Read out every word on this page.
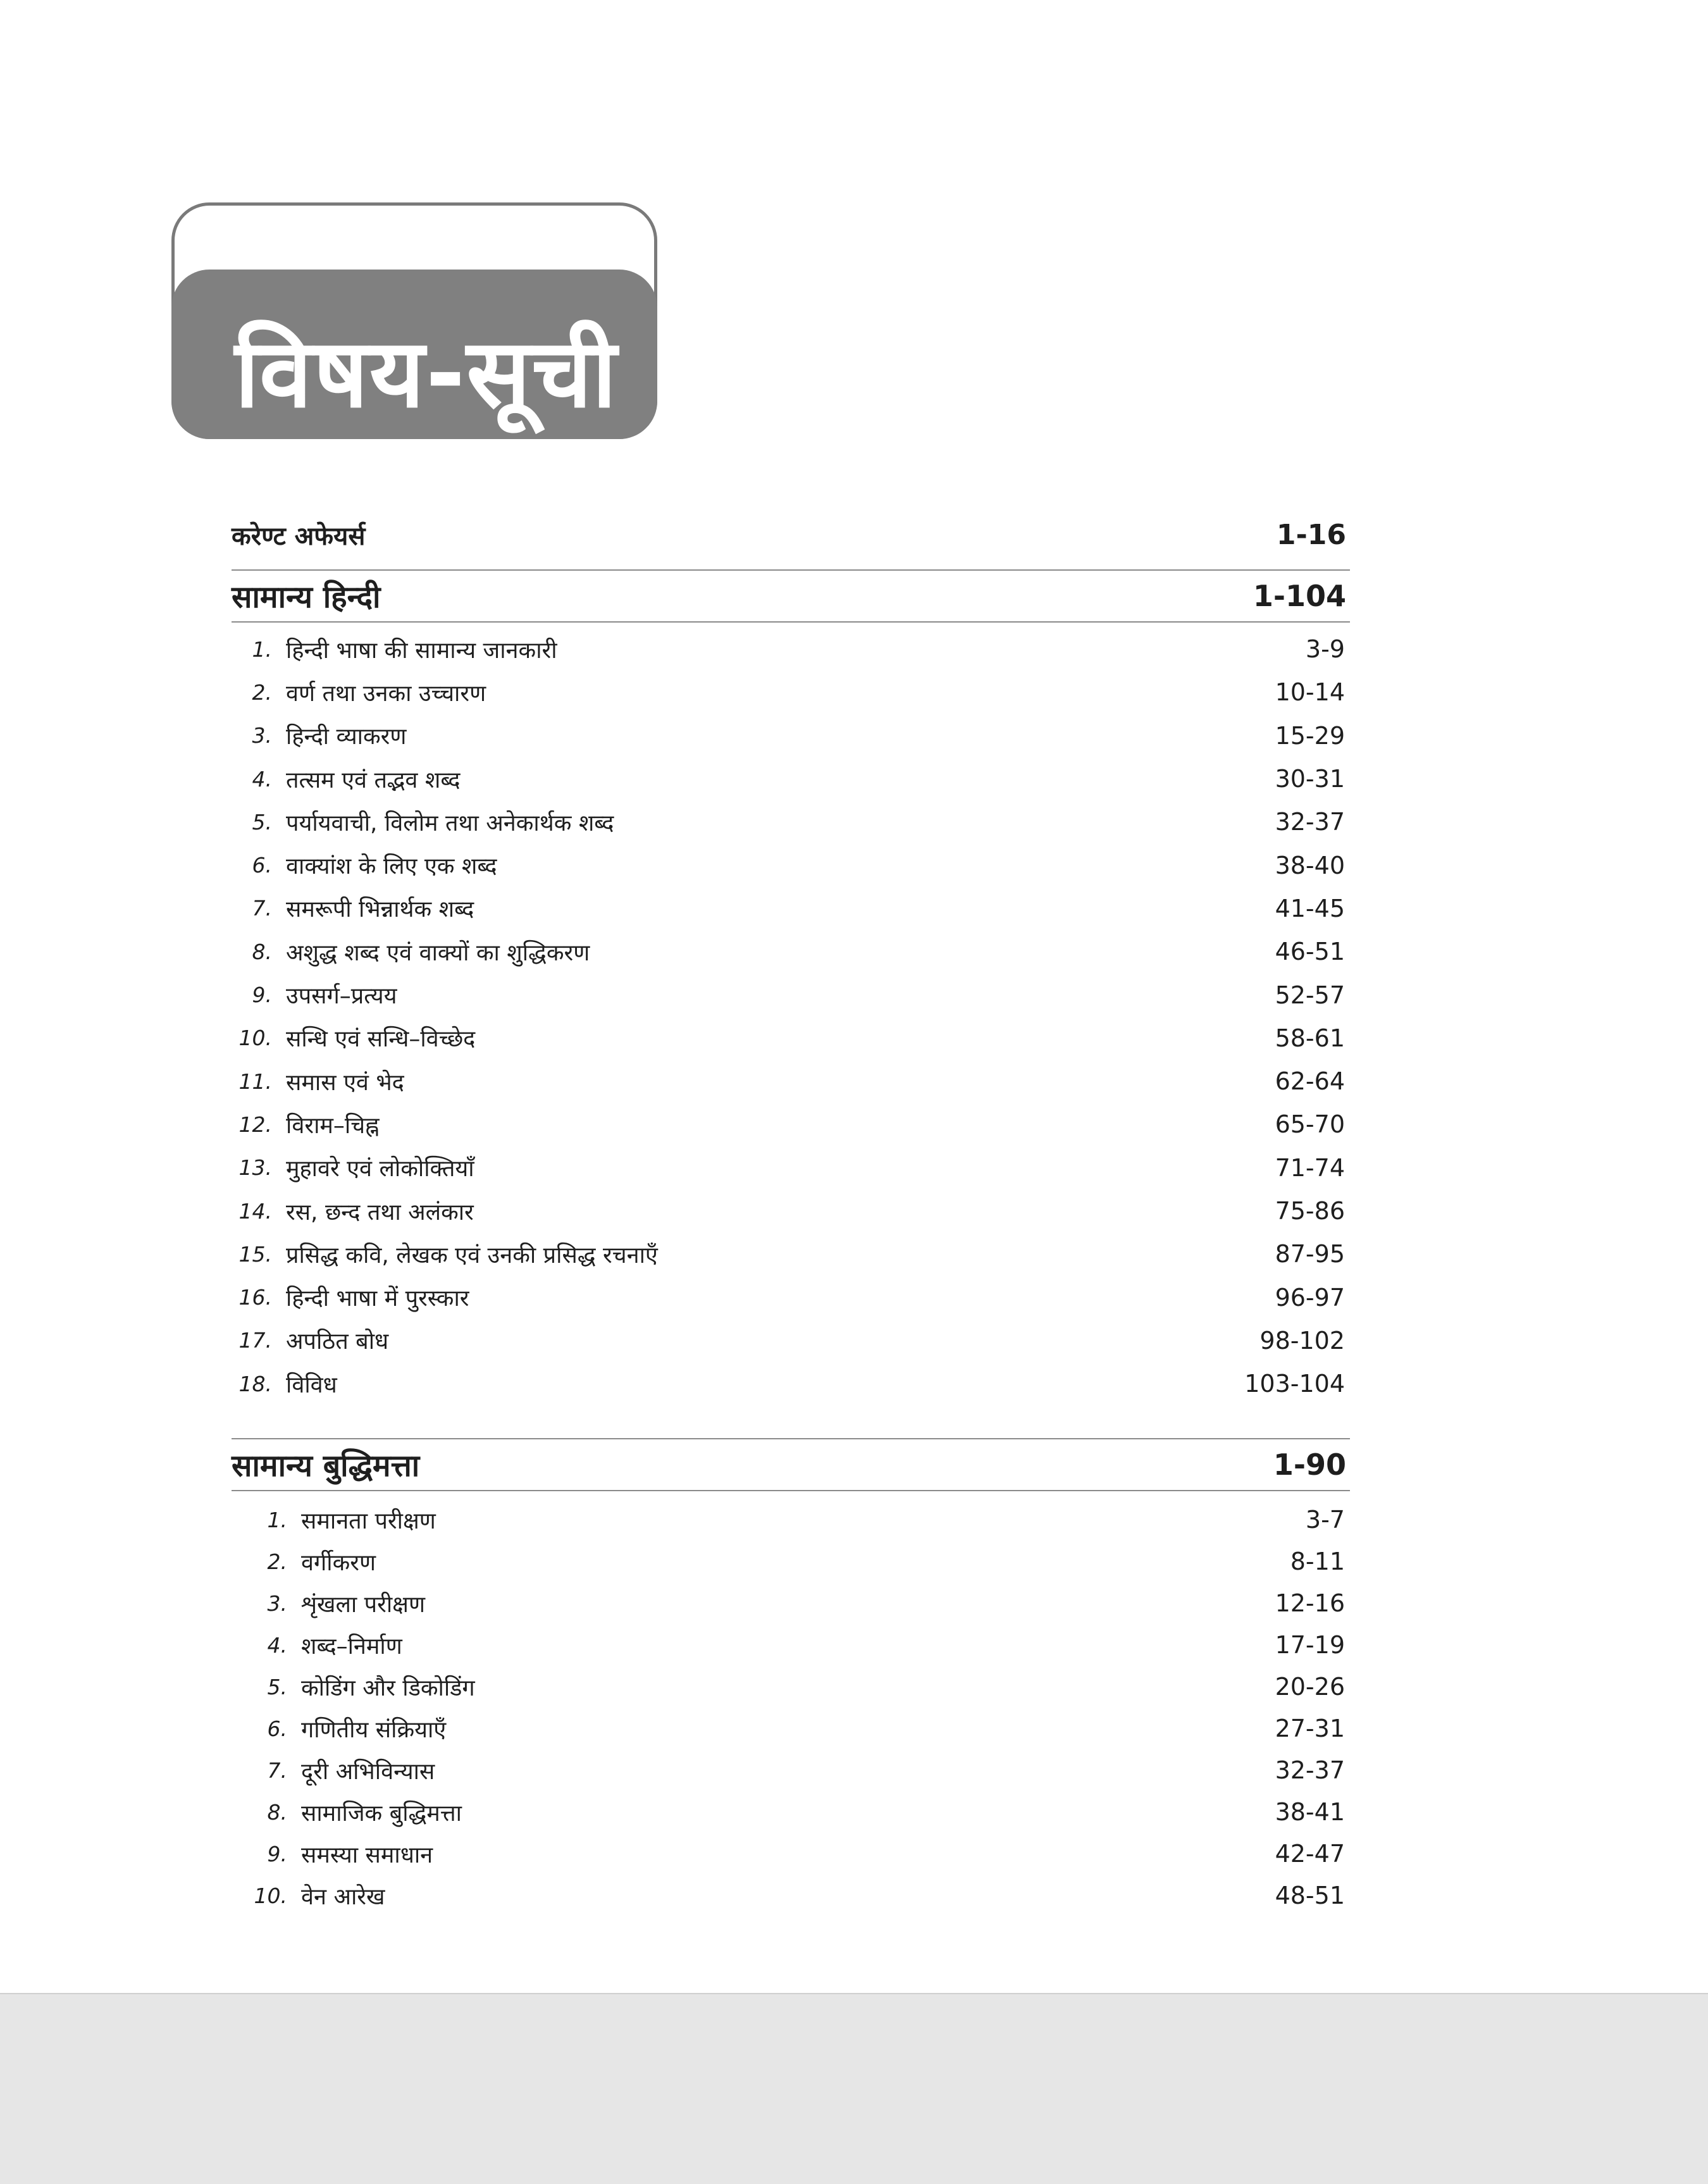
विषय-सूची
करेण्ट अफेयर्स	1-16
सामान्य हिन्दी	1-104
1. हिन्दी भाषा की सामान्य जानकारी	3-9
2. वर्ण तथा उनका उच्चारण	10-14
3. हिन्दी व्याकरण	15-29
4. तत्सम एवं तद्भव शब्द	30-31
5. पर्यायवाची, विलोम तथा अनेकार्थक शब्द	32-37
6. वाक्यांश के लिए एक शब्द	38-40
7. समरूपी भिन्नार्थक शब्द	41-45
8. अशुद्ध शब्द एवं वाक्यों का शुद्धिकरण	46-51
9. उपसर्ग–प्रत्यय	52-57
10. सन्धि एवं सन्धि–विच्छेद	58-61
11. समास एवं भेद	62-64
12. विराम–चिह्न	65-70
13. मुहावरे एवं लोकोक्तियाँ	71-74
14. रस, छन्द तथा अलंकार	75-86
15. प्रसिद्ध कवि, लेखक एवं उनकी प्रसिद्ध रचनाएँ	87-95
16. हिन्दी भाषा में पुरस्कार	96-97
17. अपठित बोध	98-102
18. विविध	103-104
सामान्य बुद्धिमत्ता	1-90
1. समानता परीक्षण	3-7
2. वर्गीकरण	8-11
3. शृंखला परीक्षण	12-16
4. शब्द–निर्माण	17-19
5. कोडिंग और डिकोडिंग	20-26
6. गणितीय संक्रियाएँ	27-31
7. दूरी अभिविन्यास	32-37
8. सामाजिक बुद्धिमत्ता	38-41
9. समस्या समाधान	42-47
10. वेन आरेख	48-51
